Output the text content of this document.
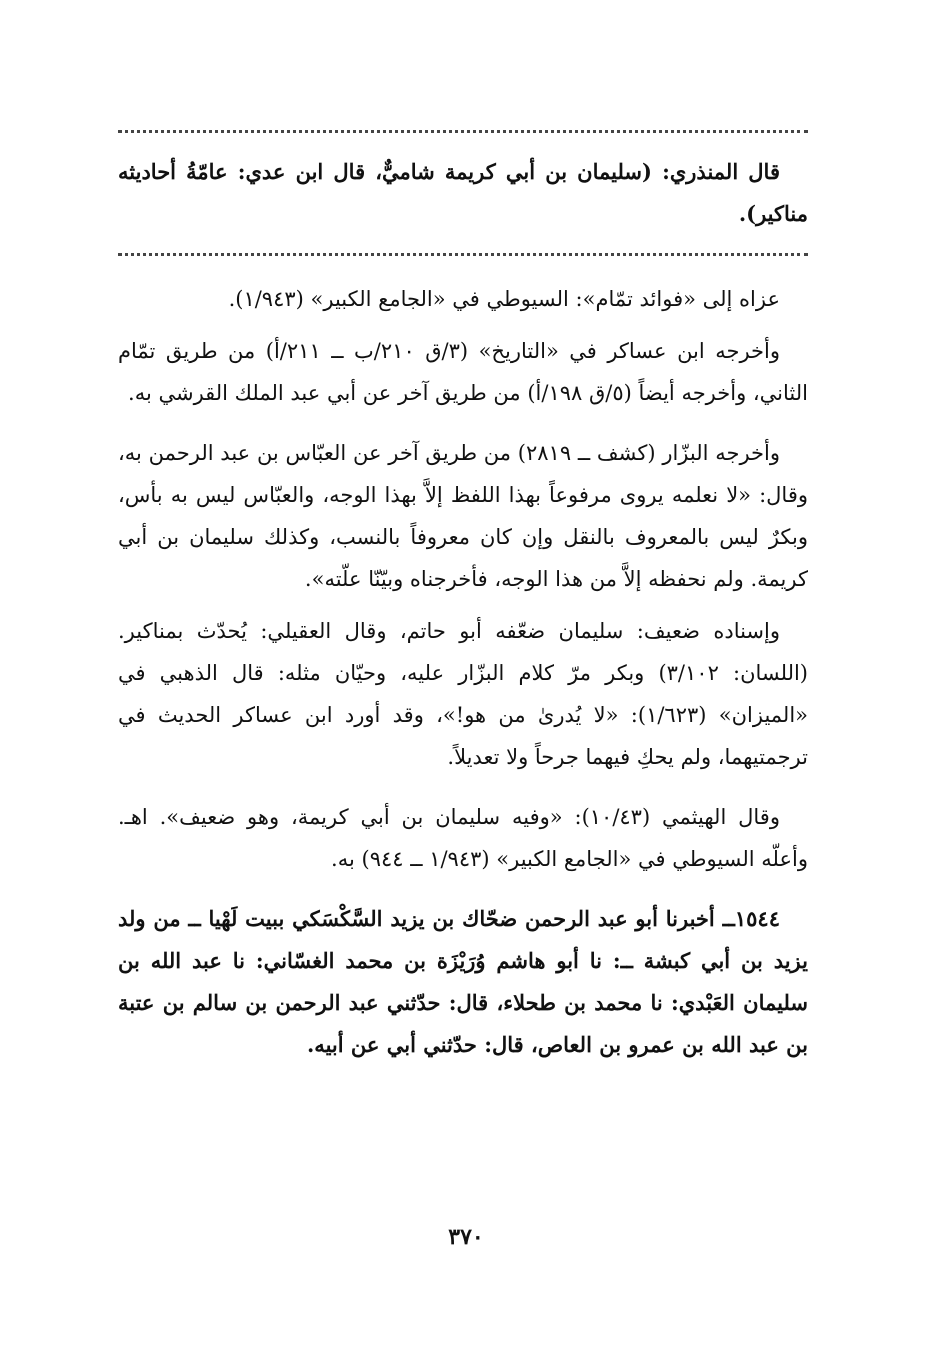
قال المنذري: (سليمان بن أبي كريمة شاميٌّ، قال ابن عدي: عامّةُ أحاديثه مناكير).

عزاه إلى «فوائد تمّام»: السيوطي في «الجامع الكبير» (١/٩٤٣).

وأخرجه ابن عساكر في «التاريخ» (٣/ق ٢١٠/ب ــ ٢١١/أ) من طريق تمّام الثاني، وأخرجه أيضاً (٥/ق ١٩٨/أ) من طريق آخر عن أبي عبد الملك القرشي به.

وأخرجه البزّار (كشف ــ ٢٨١٩) من طريق آخر عن العبّاس بن عبد الرحمن به، وقال: «لا نعلمه يروى مرفوعاً بهذا اللفظ إلاَّ بهذا الوجه، والعبّاس ليس به بأس، وبكرٌ ليس بالمعروف بالنقل وإن كان معروفاً بالنسب، وكذلك سليمان بن أبي كريمة. ولم نحفظه إلاَّ من هذا الوجه، فأخرجناه وبيّنّا علّته».

وإسناده ضعيف: سليمان ضعّفه أبو حاتم، وقال العقيلي: يُحدّث بمناكير. (اللسان: ٣/١٠٢) وبكر مرّ كلام البزّار عليه، وحيّان مثله: قال الذهبي في «الميزان» (١/٦٢٣): «لا يُدرىٰ من هو!»، وقد أورد ابن عساكر الحديث في ترجمتيهما، ولم يحكِ فيهما جرحاً ولا تعديلاً.

وقال الهيثمي (١٠/٤٣): «وفيه سليمان بن أبي كريمة، وهو ضعيف». اهـ. وأعلّه السيوطي في «الجامع الكبير» (١/٩٤٣ ــ ٩٤٤) به.

١٥٤٤ــ أخبرنا أبو عبد الرحمن ضحّاك بن يزيد السَّكْسَكي ببيت لَهْيا ــ من ولد يزيد بن أبي كبشة ــ: نا أبو هاشم وُرَيْزَة بن محمد الغسّاني: نا عبد الله بن سليمان العَبْدي: نا محمد بن طحلاء، قال: حدّثني عبد الرحمن بن سالم بن عتبة بن عبد الله بن عمرو بن العاص، قال: حدّثني أبي عن أبيه.

٣٧٠
